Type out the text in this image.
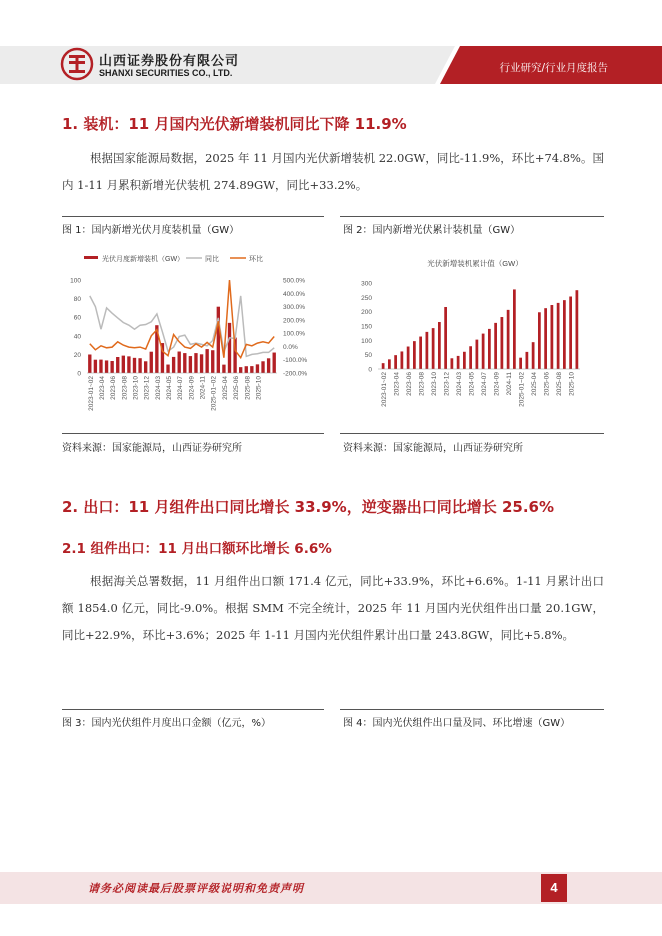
山西证券股份有限公司
SHANXI SECURITIES CO., LTD.	行业研究/行业月度报告
1. 装机：11 月国内光伏新增装机同比下降 11.9%
根据国家能源局数据，2025 年 11 月国内光伏新增装机 22.0GW，同比-11.9%，环比+74.8%。国内 1-11 月累积新增光伏装机 274.89GW，同比+33.2%。
图 1：国内新增光伏月度装机量（GW）	图 2：国内新增光伏累计装机量（GW）
光伏月度新增装机（GW）	同比	环比
0
20
40
60
80
100
-200.0%
-100.0%
0.0%
100.0%
200.0%
300.0%
400.0%
500.0%
2023-01~02 2023-04 2023-06 2023-08 2023-10 2023-12 2024-03 2024-05 2024-07 2024-09 2024-11 2025-01~02 2025-04 2025-06 2025-08 2025-10
光伏新增装机累计值（GW）
0
50
100
150
200
250
300
2023-01~02 2023-04 2023-06 2023-08 2023-10 2023-12 2024-03 2024-05 2024-07 2024-09 2024-11 2025-01~02 2025-04 2025-06 2025-08 2025-10
资料来源：国家能源局，山西证券研究所	资料来源：国家能源局，山西证券研究所
2. 出口：11 月组件出口同比增长 33.9%，逆变器出口同比增长 25.6%
2.1 组件出口：11 月出口额环比增长 6.6%
根据海关总署数据，11 月组件出口额 171.4 亿元，同比+33.9%，环比+6.6%。1-11 月累计出口额 1854.0 亿元，同比-9.0%。根据 SMM 不完全统计，2025 年 11 月国内光伏组件出口量 20.1GW，同比+22.9%，环比+3.6%；2025 年 1-11 月国内光伏组件累计出口量 243.8GW，同比+5.8%。
图 3：国内光伏组件月度出口金额（亿元，%）	图 4：国内光伏组件出口量及同、环比增速（GW）
请务必阅读最后股票评级说明和免责声明	4
